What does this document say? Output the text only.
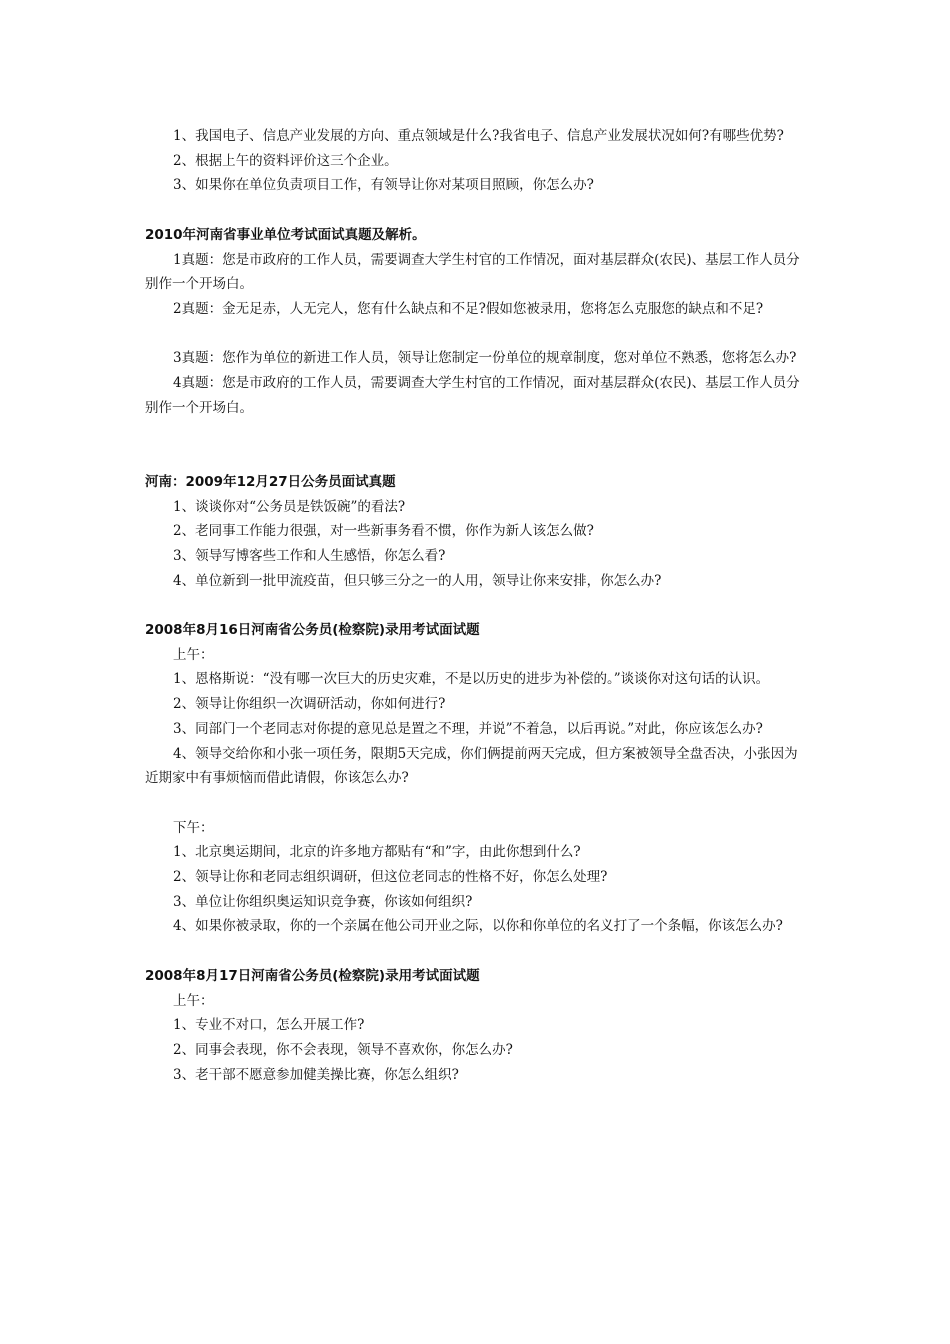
1、我国电子、信息产业发展的方向、重点领域是什么?我省电子、信息产业发展状况如何?有哪些优势?

2、根据上午的资料评价这三个企业。

3、如果你在单位负责项目工作，有领导让你对某项目照顾，你怎么办?

2010年河南省事业单位考试面试真题及解析。

1真题：您是市政府的工作人员，需要调查大学生村官的工作情况，面对基层群众(农民)、基层工作人员分别作一个开场白。

2真题：金无足赤，人无完人，您有什么缺点和不足?假如您被录用，您将怎么克服您的缺点和不足?

3真题：您作为单位的新进工作人员，领导让您制定一份单位的规章制度，您对单位不熟悉，您将怎么办?

4真题：您是市政府的工作人员，需要调查大学生村官的工作情况，面对基层群众(农民)、基层工作人员分别作一个开场白。

河南：2009年12月27日公务员面试真题

1、谈谈你对“公务员是铁饭碗”的看法?

2、老同事工作能力很强，对一些新事务看不惯，你作为新人该怎么做?

3、领导写博客些工作和人生感悟，你怎么看?

4、单位新到一批甲流疫苗，但只够三分之一的人用，领导让你来安排，你怎么办?

2008年8月16日河南省公务员(检察院)录用考试面试题

上午：

1、恩格斯说：“没有哪一次巨大的历史灾难，不是以历史的进步为补偿的。”谈谈你对这句话的认识。

2、领导让你组织一次调研活动，你如何进行?

3、同部门一个老同志对你提的意见总是置之不理，并说”不着急，以后再说。”对此，你应该怎么办?

4、领导交给你和小张一项任务，限期5天完成，你们俩提前两天完成，但方案被领导全盘否决，小张因为近期家中有事烦恼而借此请假，你该怎么办?

下午：

1、北京奥运期间，北京的许多地方都贴有“和”字，由此你想到什么?

2、领导让你和老同志组织调研，但这位老同志的性格不好，你怎么处理?

3、单位让你组织奥运知识竞争赛，你该如何组织?

4、如果你被录取，你的一个亲属在他公司开业之际，以你和你单位的名义打了一个条幅，你该怎么办?

2008年8月17日河南省公务员(检察院)录用考试面试题

上午：

1、专业不对口，怎么开展工作?

2、同事会表现，你不会表现，领导不喜欢你，你怎么办?

3、老干部不愿意参加健美操比赛，你怎么组织?
